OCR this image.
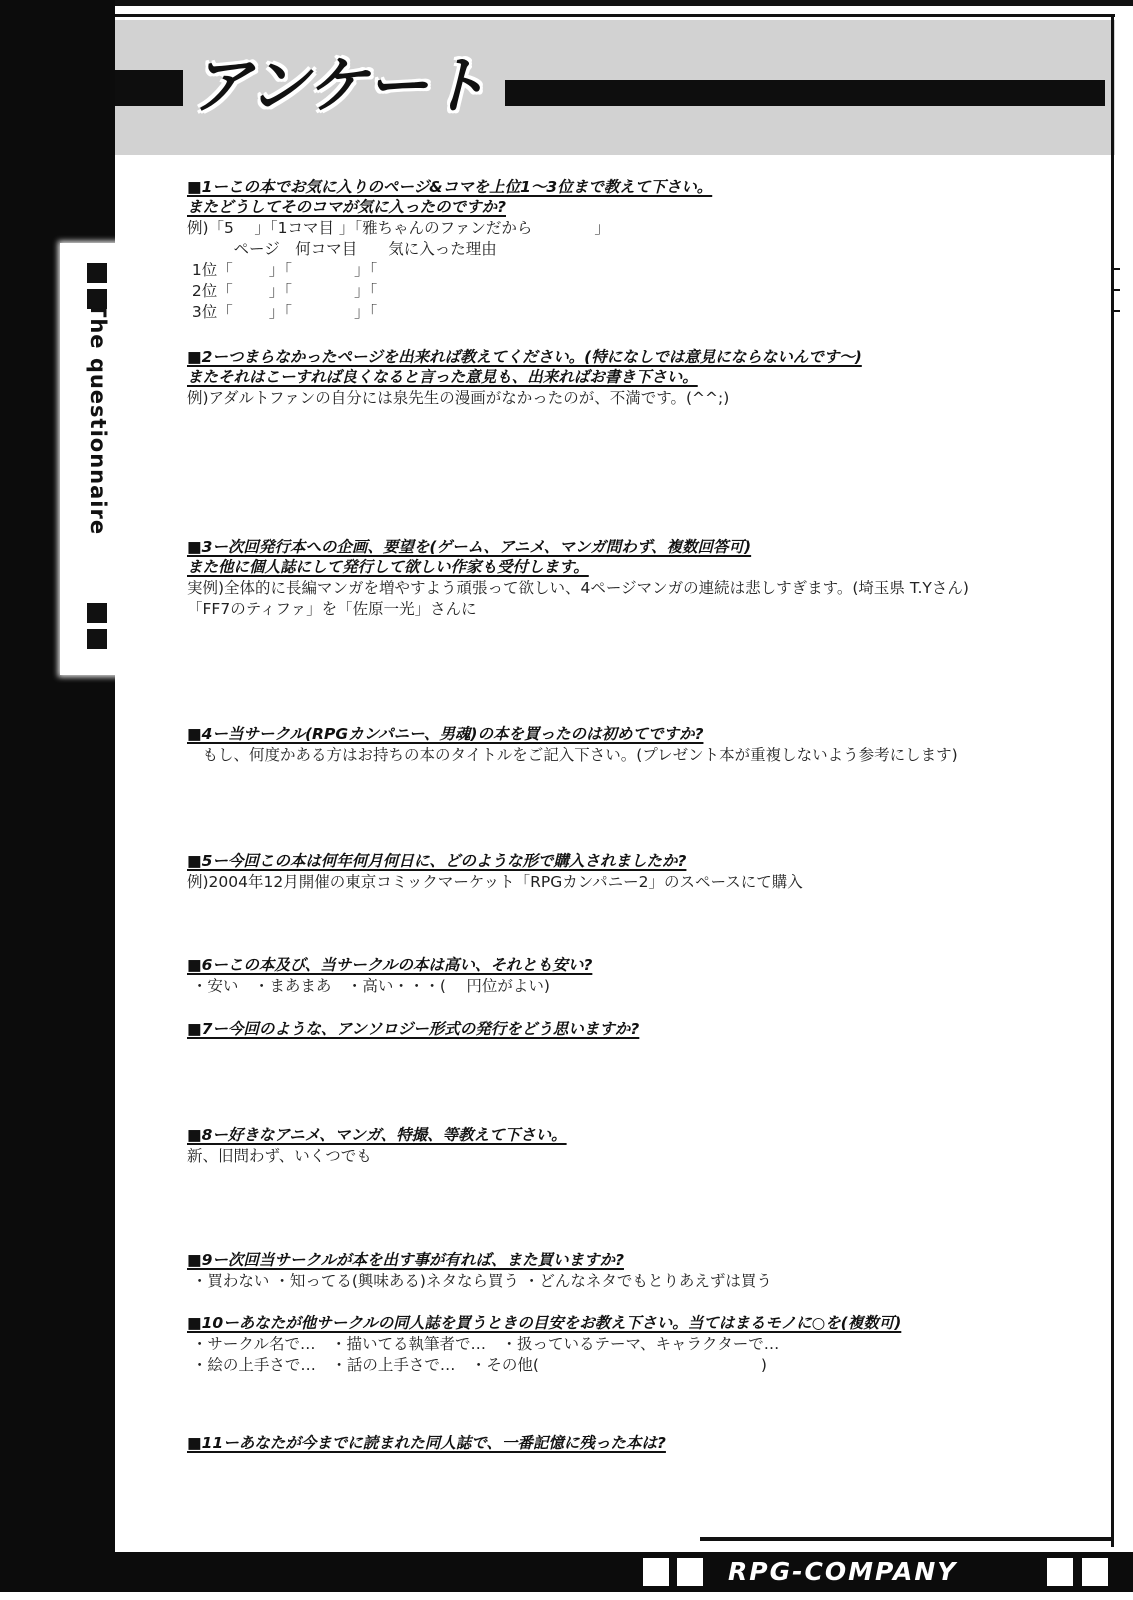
The questionnaire
アンケート
■1ーこの本でお気に入りのページ&コマを上位1〜3位まで教えて下さい。
またどうしてそのコマが気に入ったのですか?
例)「5　 」「1コマ目 」「雅ちゃんのファンだから　　　　」
　　　ページ　何コマ目　　気に入った理由
1位「　　 」「　　　　」「
2位「　　 」「　　　　」「
3位「　　 」「　　　　」「
■2ーつまらなかったページを出来れば教えてください。(特になしでは意見にならないんです〜)
またそれはこーすれば良くなると言った意見も、出来ればお書き下さい。
例)アダルトファンの自分には泉先生の漫画がなかったのが、不満です。(^^;)
■3ー次回発行本への企画、要望を(ゲーム、アニメ、マンガ問わず、複数回答可)
また他に個人誌にして発行して欲しい作家も受付します。
実例)全体的に長編マンガを増やすよう頑張って欲しい、4ページマンガの連続は悲しすぎます。(埼玉県 T.Yさん)
「FF7のティファ」を「佐原一光」さんに
■4ー当サークル(RPGカンパニー、男魂)の本を買ったのは初めてですか?
　もし、何度かある方はお持ちの本のタイトルをご記入下さい。(プレゼント本が重複しないよう参考にします)
■5ー今回この本は何年何月何日に、どのような形で購入されましたか?
例)2004年12月開催の東京コミックマーケット「RPGカンパニー2」のスペースにて購入
■6ーこの本及び、当サークルの本は高い、それとも安い?
・安い　・まあまあ　・高い・・・(　 円位がよい)
■7ー今回のような、アンソロジー形式の発行をどう思いますか?
■8ー好きなアニメ、マンガ、特撮、等教えて下さい。
新、旧問わず、いくつでも
■9ー次回当サークルが本を出す事が有れば、また買いますか?
・買わない ・知ってる(興味ある)ネタなら買う ・どんなネタでもとりあえずは買う
■10ーあなたが他サークルの同人誌を買うときの目安をお教え下さい。当てはまるモノに○を(複数可)
・サークル名で…　・描いてる執筆者で…　・扱っているテーマ、キャラクターで…
・絵の上手さで…　・話の上手さで…　・その他(　　　　　　　　　　　　　　 )
■11ーあなたが今までに読まれた同人誌で、一番記憶に残った本は?
RPG-COMPANY
